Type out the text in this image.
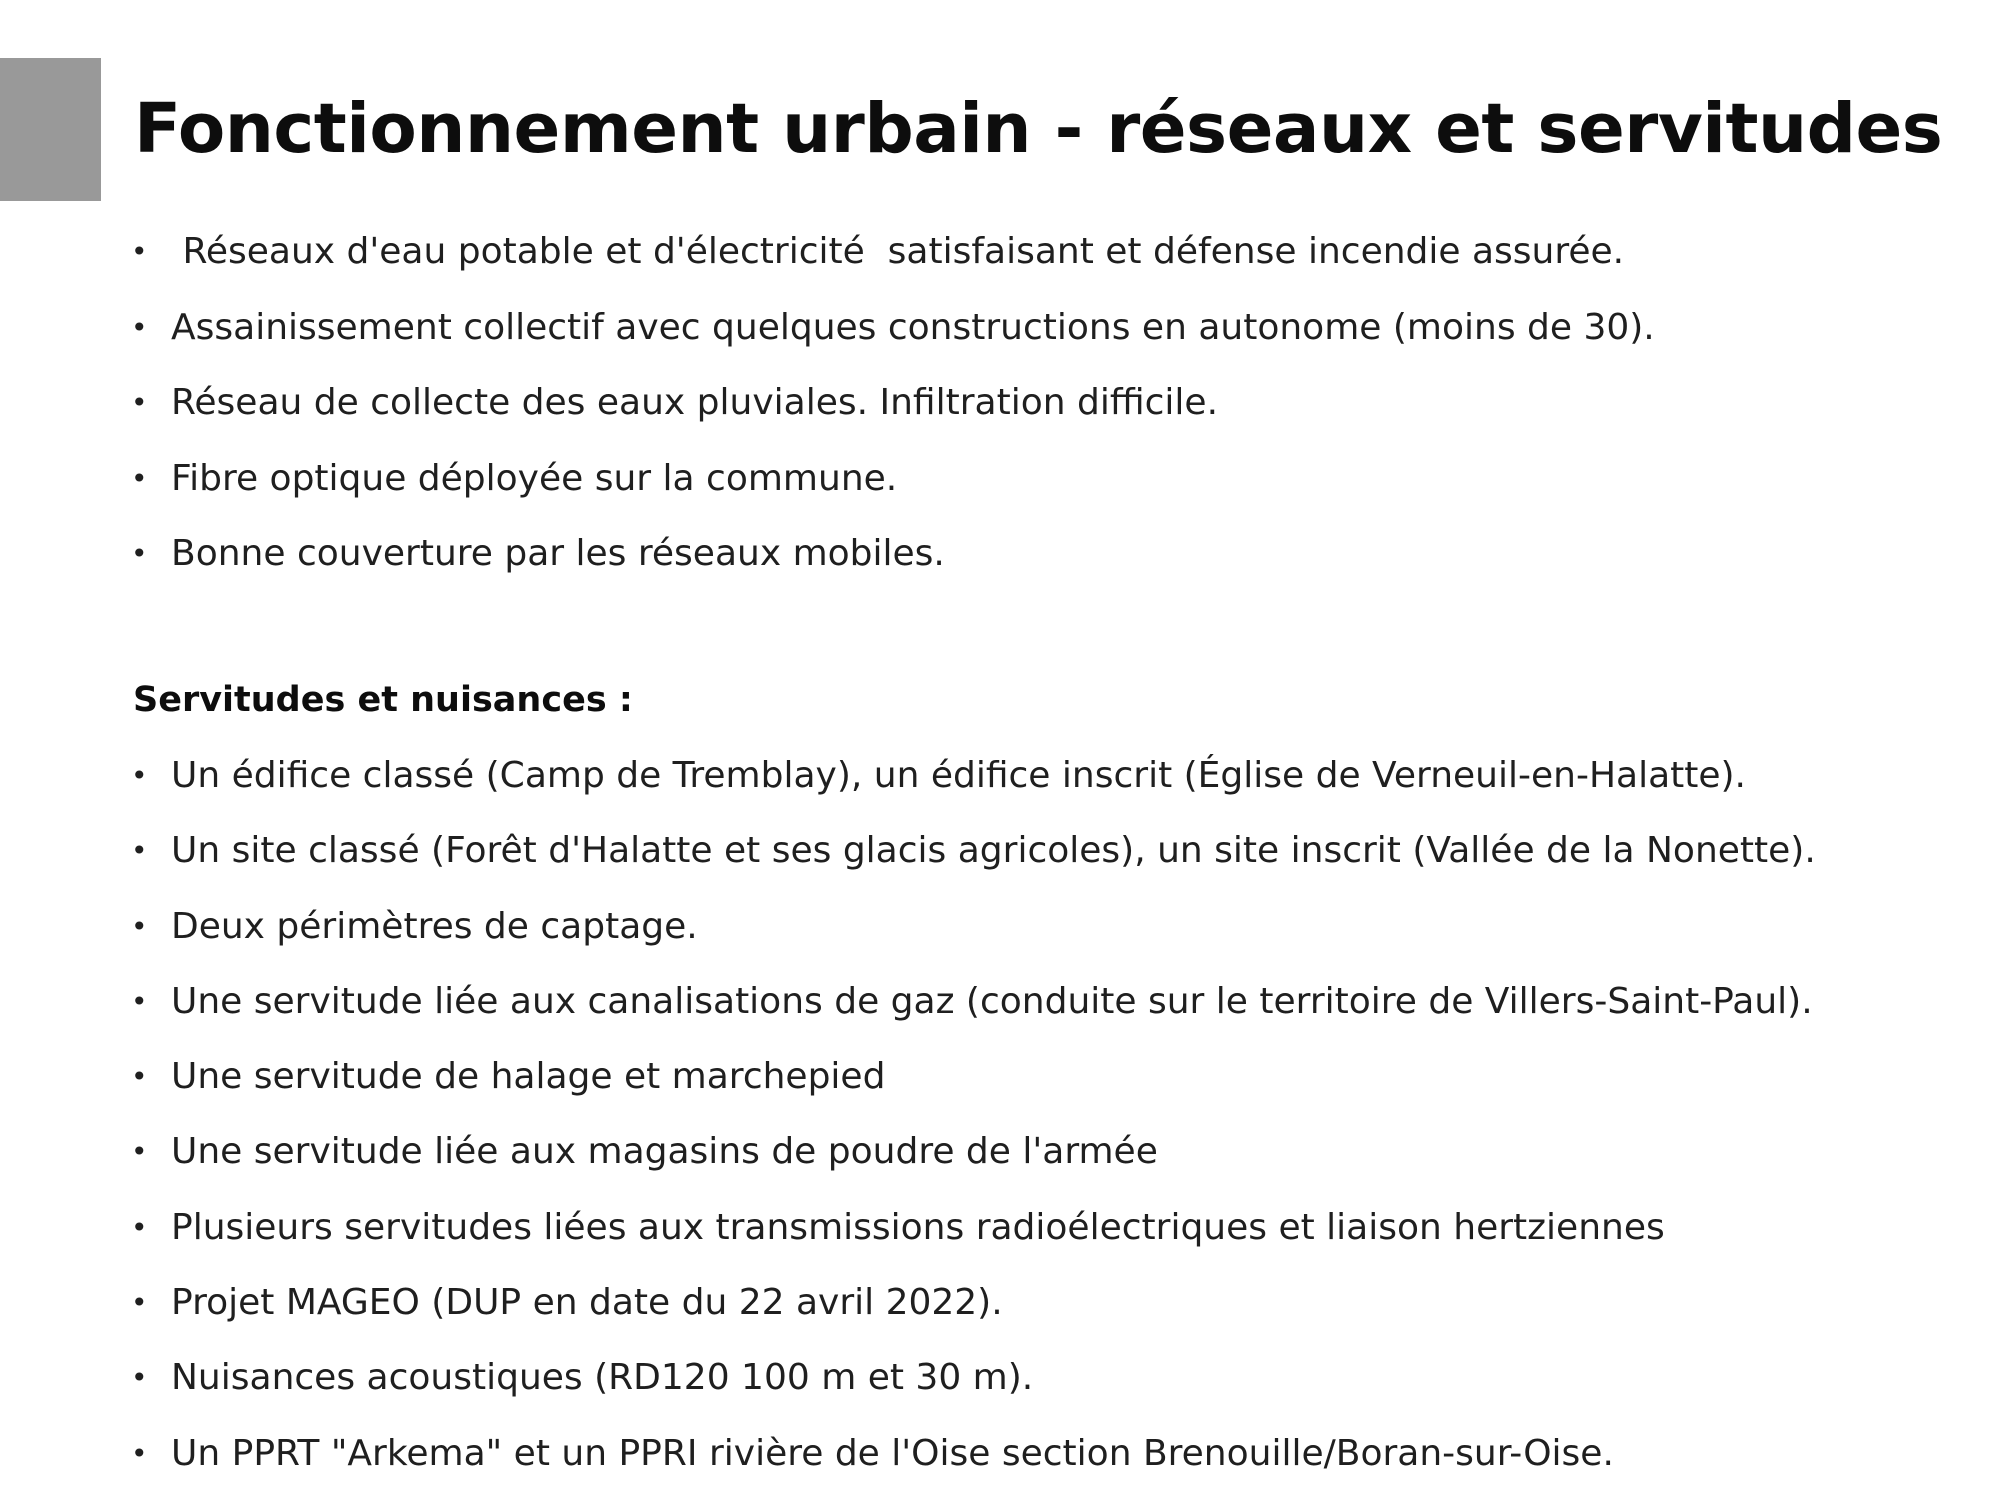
Fonctionnement urbain - réseaux et servitudes
• Réseaux d'eau potable et d'électricité  satisfaisant et défense incendie assurée.
• Assainissement collectif avec quelques constructions en autonome (moins de 30).
• Réseau de collecte des eaux pluviales. Infiltration difficile.
• Fibre optique déployée sur la commune.
• Bonne couverture par les réseaux mobiles.
Servitudes et nuisances :
• Un édifice classé (Camp de Tremblay), un édifice inscrit (Église de Verneuil-en-Halatte).
• Un site classé (Forêt d'Halatte et ses glacis agricoles), un site inscrit (Vallée de la Nonette).
• Deux périmètres de captage.
• Une servitude liée aux canalisations de gaz (conduite sur le territoire de Villers-Saint-Paul).
• Une servitude de halage et marchepied
• Une servitude liée aux magasins de poudre de l'armée
• Plusieurs servitudes liées aux transmissions radioélectriques et liaison hertziennes
• Projet MAGEO (DUP en date du 22 avril 2022).
• Nuisances acoustiques (RD120 100 m et 30 m).
• Un PPRT "Arkema" et un PPRI rivière de l'Oise section Brenouille/Boran-sur-Oise.
